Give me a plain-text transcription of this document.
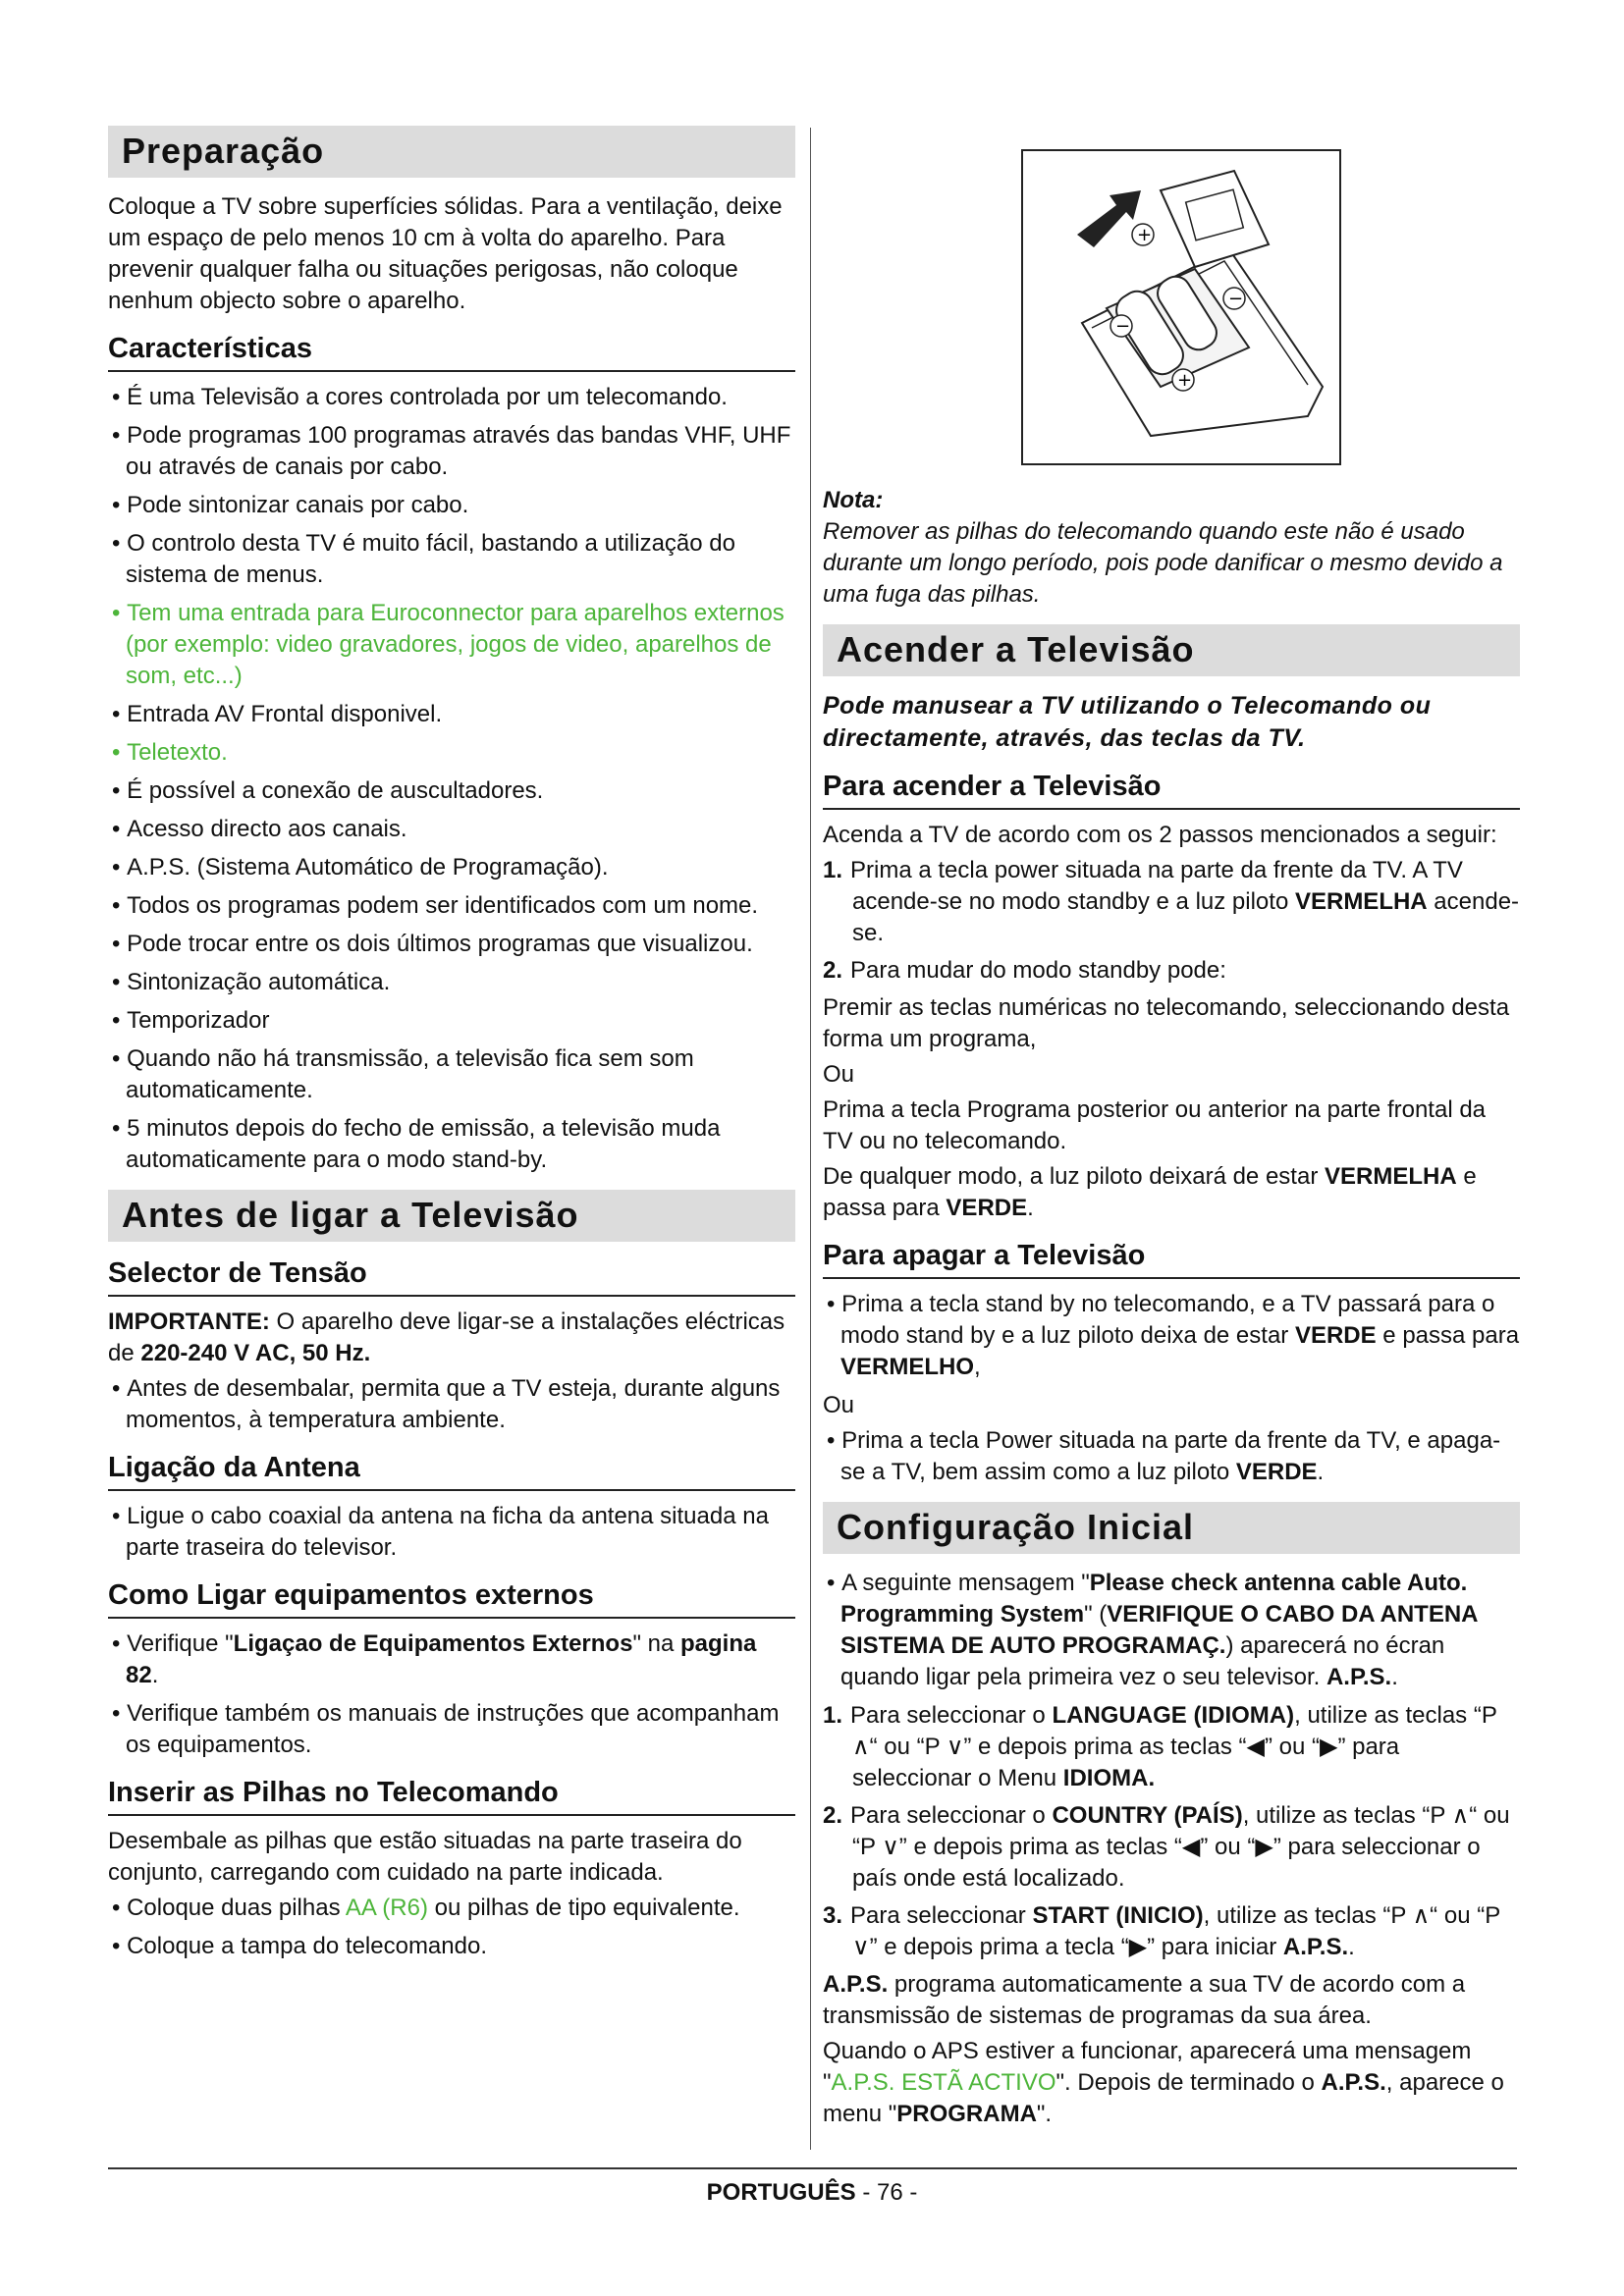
Preparação

Coloque a TV sobre superfícies sólidas. Para a ventilação, deixe um espaço de pelo menos 10 cm à volta do aparelho. Para prevenir qualquer falha ou situações perigosas, não coloque nenhum objecto sobre o aparelho.

Características
• É uma Televisão a cores controlada por um telecomando.
• Pode programas 100 programas através das bandas VHF, UHF ou através de canais por cabo.
• Pode sintonizar canais por cabo.
• O controlo desta TV é muito fácil, bastando a utilização do sistema de menus.
• Tem uma entrada para Euroconnector para aparelhos externos (por exemplo: video gravadores, jogos de video, aparelhos de som, etc...)
• Entrada AV Frontal disponivel.
• Teletexto.
• É possível a conexão de auscultadores.
• Acesso directo aos canais.
• A.P.S. (Sistema Automático de Programação).
• Todos os programas podem ser identificados com um nome.
• Pode trocar entre os dois últimos programas que visualizou.
• Sintonização automática.
• Temporizador
• Quando não há transmissão, a televisão fica sem som automaticamente.
• 5 minutos depois do fecho de emissão, a televisão muda automaticamente para o modo stand-by.
Antes de ligar a Televisão
Selector de Tensão

IMPORTANTE: O aparelho deve ligar-se a instalações eléctricas de 220-240 V AC, 50 Hz.

• Antes de desembalar, permita que a TV esteja, durante alguns momentos, à temperatura ambiente.
Ligação da Antena
• Ligue o cabo coaxial da antena na ficha da antena situada na parte traseira do televisor.
Como Ligar equipamentos externos
• Verifique "Ligaçao de Equipamentos Externos" na pagina 82.
• Verifique também os manuais de instruções que acompanham os equipamentos.
Inserir as Pilhas no Telecomando

Desembale as pilhas que estão situadas na parte traseira do conjunto, carregando com cuidado na parte indicada.

• Coloque duas pilhas AA (R6) ou pilhas de tipo equivalente.
• Coloque a tampa do telecomando.
+
−
−
+

Nota:

Remover as pilhas do telecomando quando este não é usado durante um longo período, pois pode danificar o mesmo devido a uma fuga das pilhas.

Acender a Televisão

Pode manusear a TV utilizando o Telecomando ou directamente, através, das teclas da TV.

Para acender a Televisão

Acenda a TV de acordo com os 2 passos mencionados a seguir:

1. Prima a tecla power situada na parte da frente da TV. A TV acende-se no modo standby e a luz piloto VERMELHA acende-se.
2. Para mudar do modo standby pode:

Premir as teclas numéricas no telecomando, seleccionando desta forma um programa,

Ou

Prima a tecla Programa posterior ou anterior na parte frontal da TV ou no telecomando.

De qualquer modo, a luz piloto deixará de estar VERMELHA e passa para VERDE.

Para apagar a Televisão
• Prima a tecla stand by no telecomando, e a TV passará para o modo stand by e a luz piloto deixa de estar VERDE e passa para VERMELHO,

Ou

• Prima a tecla Power situada na parte da frente da TV, e apaga-se a TV, bem assim como a luz piloto VERDE.
Configuração Inicial
• A seguinte mensagem "Please check antenna cable Auto. Programming System" (VERIFIQUE O CABO DA ANTENA SISTEMA DE AUTO PROGRAMAÇ.) aparecerá no écran quando ligar pela primeira vez o seu televisor. A.P.S..
1. Para seleccionar o LANGUAGE (IDIOMA), utilize as teclas “P ∧“ ou “P ∨” e depois prima as teclas “◀” ou “▶” para seleccionar o Menu IDIOMA.
2. Para seleccionar o COUNTRY (PAÍS), utilize as teclas “P ∧“ ou “P ∨” e depois prima as teclas “◀” ou “▶” para seleccionar o país onde está localizado.
3. Para seleccionar START (INICIO), utilize as teclas “P ∧“ ou “P ∨” e depois prima a tecla “▶” para iniciar A.P.S..

A.P.S. programa automaticamente a sua TV de acordo com a transmissão de sistemas de programas da sua área.

Quando o APS estiver a funcionar, aparecerá uma mensagem "A.P.S. ESTÃ ACTIVO". Depois de terminado o A.P.S., aparece o menu "PROGRAMA".

PORTUGUÊS - 76 -
